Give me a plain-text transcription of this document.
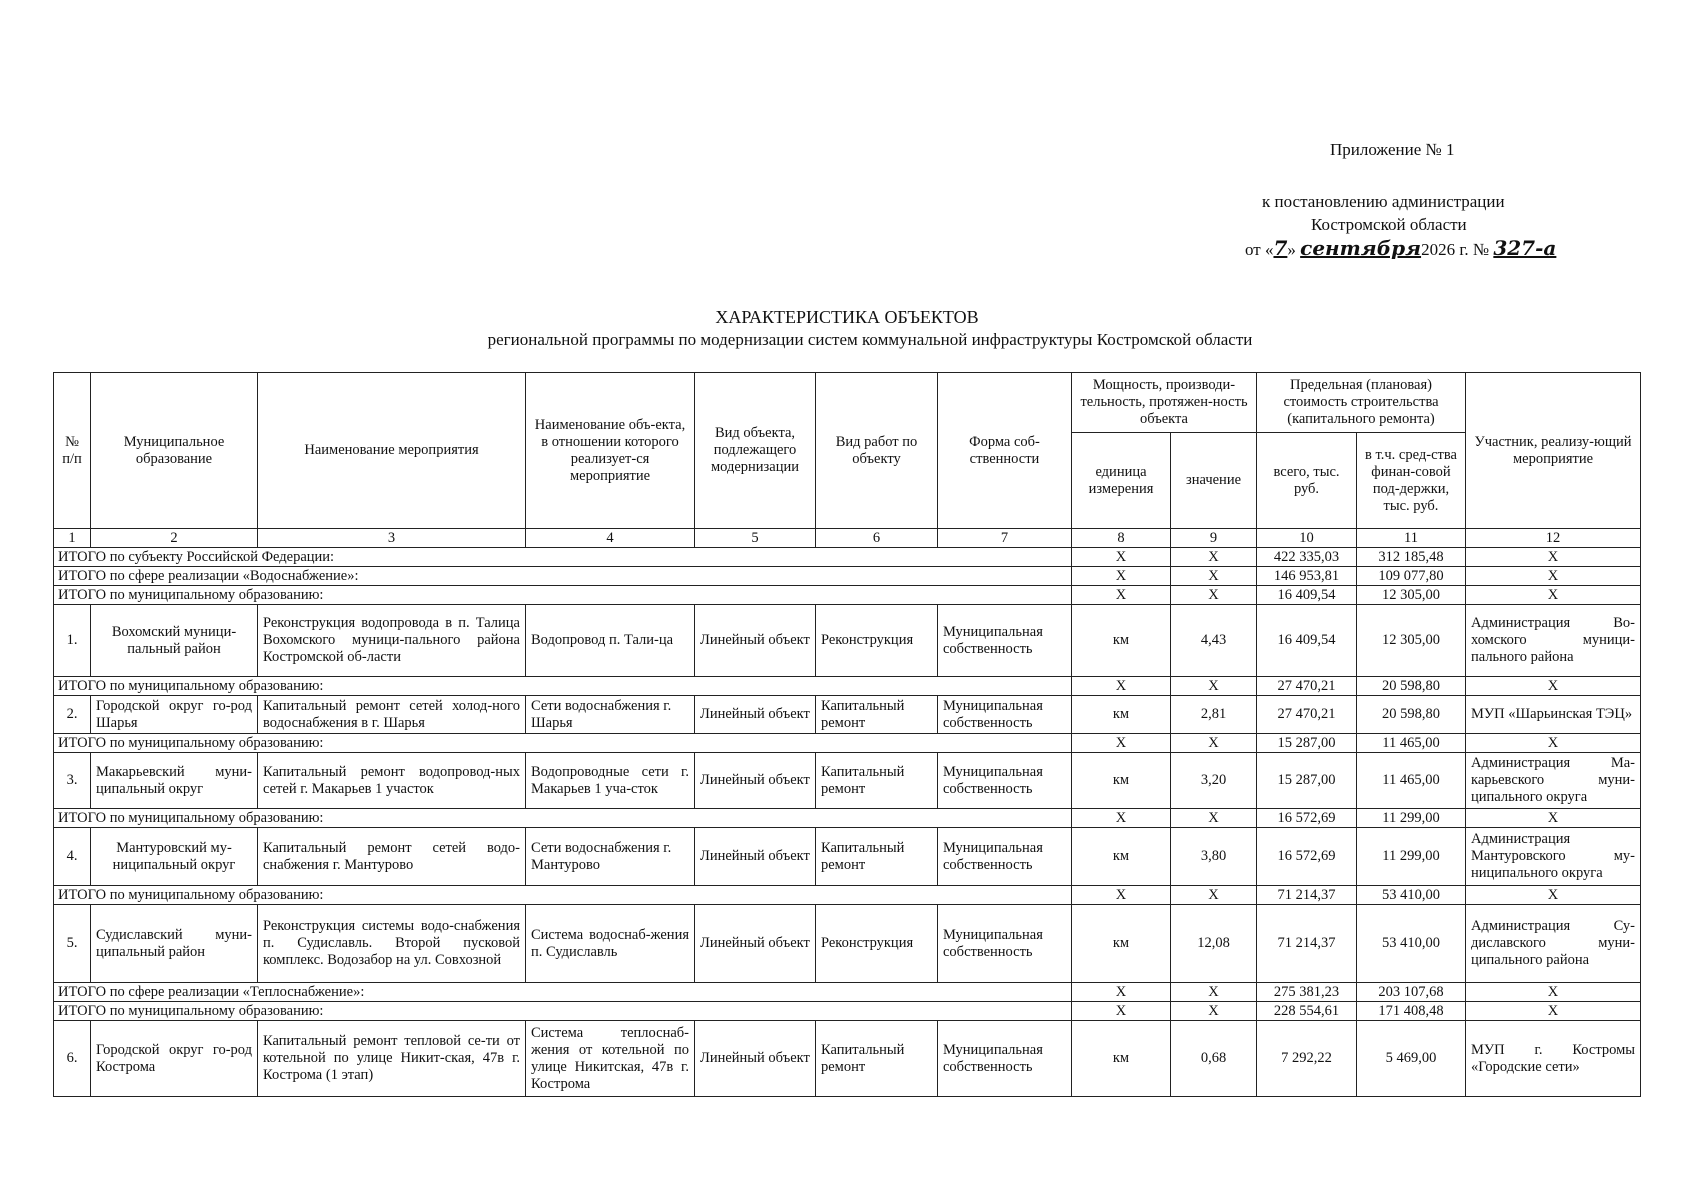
Приложение № 1
к постановлению администрации
Костромской области
от «7» сентября2026 г. № 327-а
ХАРАКТЕРИСТИКА ОБЪЕКТОВ
региональной программы по модернизации систем коммунальной инфраструктуры Костромской области
№ п/п	Муниципальное образование	Наименование мероприятия	Наименование объ-екта, в отношении которого реализует-ся мероприятие	Вид объекта, подлежащего модернизации	Вид работ по объекту	Форма соб-ственности	Мощность, производи-тельность, протяжен-ность объекта		Предельная (плановая) стоимость строительства (капитального ремонта)		Участник, реализу-ющий мероприятие
							единица измерения	значение	всего, тыс. руб.	в т.ч. сред-ства финан-совой под-держки, тыс. руб.	
1	2	3	4	5	6	7	8	9	10	11	12
ИТОГО по субъекту Российской Федерации:							X	X	422 335,03	312 185,48	X
ИТОГО по сфере реализации «Водоснабжение»:							X	X	146 953,81	109 077,80	X
ИТОГО по муниципальному образованию:							X	X	16 409,54	12 305,00	X
1.	Вохомский муници-пальный район	Реконструкция водопровода в п. Талица Вохомского муници-пального района Костромской об-ласти	Водопровод п. Тали-ца	Линейный объект	Реконструкция	Муниципальная собственность	км	4,43	16 409,54	12 305,00	Администрация Во-хомского муници-пального района
ИТОГО по муниципальному образованию:							X	X	27 470,21	20 598,80	X
2.	Городской округ го-род Шарья	Капитальный ремонт сетей холод-ного водоснабжения в г. Шарья	Сети водоснабжения г. Шарья	Линейный объект	Капитальный ремонт	Муниципальная собственность	км	2,81	27 470,21	20 598,80	МУП «Шарьинская ТЭЦ»
ИТОГО по муниципальному образованию:							X	X	15 287,00	11 465,00	X
3.	Макарьевский муни-ципальный округ	Капитальный ремонт водопровод-ных сетей г. Макарьев 1 участок	Водопроводные сети г. Макарьев 1 уча-сток	Линейный объект	Капитальный ремонт	Муниципальная собственность	км	3,20	15 287,00	11 465,00	Администрация Ма-карьевского муни-ципального округа
ИТОГО по муниципальному образованию:							X	X	16 572,69	11 299,00	X
4.	Мантуровский му-ниципальный округ	Капитальный ремонт сетей водо-снабжения г. Мантурово	Сети водоснабжения г. Мантурово	Линейный объект	Капитальный ремонт	Муниципальная собственность	км	3,80	16 572,69	11 299,00	Администрация Мантуровского му-ниципального округа
ИТОГО по муниципальному образованию:							X	X	71 214,37	53 410,00	X
5.	Судиславский муни-ципальный район	Реконструкция системы водо-снабжения п. Судиславль. Второй пусковой комплекс. Водозабор на ул. Совхозной	Система водоснаб-жения п. Судиславль	Линейный объект	Реконструкция	Муниципальная собственность	км	12,08	71 214,37	53 410,00	Администрация Су-диславского муни-ципального района
ИТОГО по сфере реализации «Теплоснабжение»:							X	X	275 381,23	203 107,68	X
ИТОГО по муниципальному образованию:							X	X	228 554,61	171 408,48	X
6.	Городской округ го-род Кострома	Капитальный ремонт тепловой се-ти от котельной по улице Никит-ская, 47в г. Кострома (1 этап)	Система теплоснаб-жения от котельной по улице Никитская, 47в г. Кострома	Линейный объект	Капитальный ремонт	Муниципальная собственность	км	0,68	7 292,22	5 469,00	МУП г. Костромы «Городские сети»
